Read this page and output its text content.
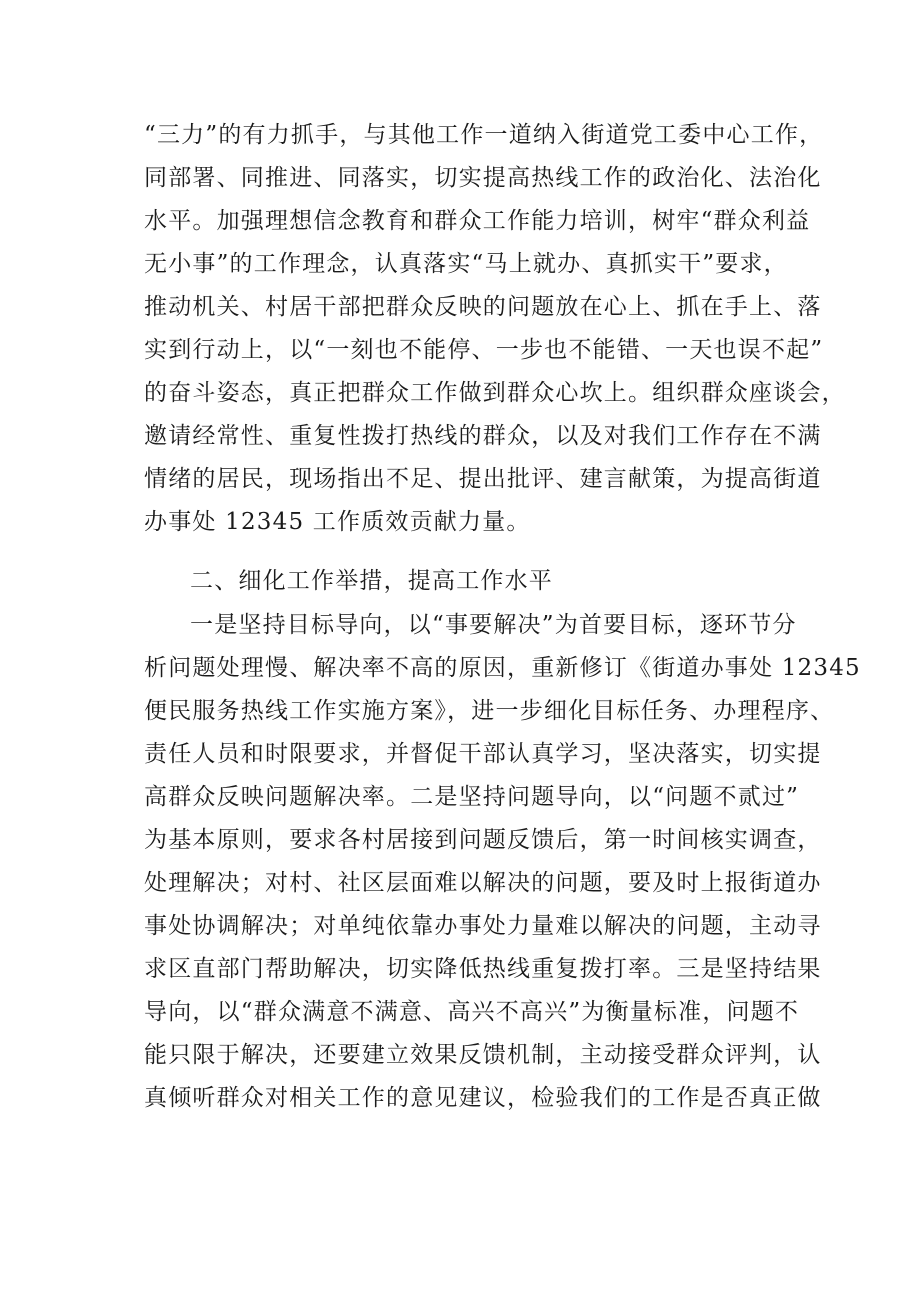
“三力”的有力抓手，与其他工作一道纳入街道党工委中心工作，
同部署、同推进、同落实，切实提高热线工作的政治化、法治化
水平。加强理想信念教育和群众工作能力培训，树牢“群众利益
无小事”的工作理念，认真落实“马上就办、真抓实干”要求，
推动机关、村居干部把群众反映的问题放在心上、抓在手上、落
实到行动上，以“一刻也不能停、一步也不能错、一天也误不起”
的奋斗姿态，真正把群众工作做到群众心坎上。组织群众座谈会，
邀请经常性、重复性拨打热线的群众，以及对我们工作存在不满
情绪的居民，现场指出不足、提出批评、建言献策，为提高街道
办事处 12345 工作质效贡献力量。
二、细化工作举措，提高工作水平
一是坚持目标导向，以“事要解决”为首要目标，逐环节分
析问题处理慢、解决率不高的原因，重新修订《街道办事处 12345
便民服务热线工作实施方案》，进一步细化目标任务、办理程序、
责任人员和时限要求，并督促干部认真学习，坚决落实，切实提
高群众反映问题解决率。二是坚持问题导向，以“问题不贰过”
为基本原则，要求各村居接到问题反馈后，第一时间核实调查，
处理解决；对村、社区层面难以解决的问题，要及时上报街道办
事处协调解决；对单纯依靠办事处力量难以解决的问题，主动寻
求区直部门帮助解决，切实降低热线重复拨打率。三是坚持结果
导向，以“群众满意不满意、高兴不高兴”为衡量标准，问题不
能只限于解决，还要建立效果反馈机制，主动接受群众评判，认
真倾听群众对相关工作的意见建议，检验我们的工作是否真正做
